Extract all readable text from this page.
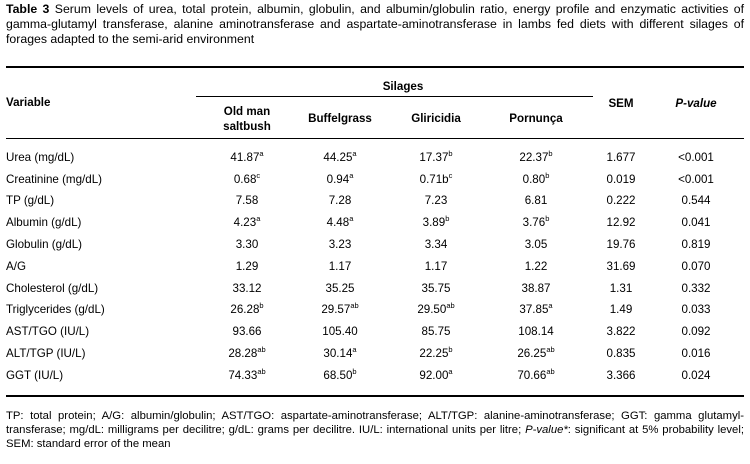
Table 3 Serum levels of urea, total protein, albumin, globulin, and albumin/globulin ratio, energy profile and enzymatic activities of gamma-glutamyl transferase, alanine aminotransferase and aspartate-aminotransferase in lambs fed diets with different silages of forages adapted to the semi-arid environment
Silages
Variable
Old man
saltbush
Buffelgrass	Gliricidia	Pornunça
SEM	P-value
Urea (mg/dL)	41.87$^a$	44.25$^a$	17.37$^b$	22.37$^b$	1.677	<0.001
Creatinine (mg/dL)	0.68$^c$	0.94$^a$	$0.71b^c$	0.80$^b$	0.019	<0.001
TP (g/dL)	7.58	7.28	7.23	6.81	0.222	0.544
Albumin (g/dL)	4.23$^a$	4.48$^a$	3.89$^b$	3.76$^b$	12.92	0.041
Globulin (g/dL)	3.30	3.23	3.34	3.05	19.76	0.819
A/G	1.29	1.17	1.17	1.22	31.69	0.070
Cholesterol (g/dL)	33.12	35.25	35.75	38.87	1.31	0.332
Triglycerides (g/dL)	26.28$^b$	29.57$^{ab}$	29.50$^{ab}$	37.85$^a$	1.49	0.033
AST/TGO (IU/L)	93.66	105.40	85.75	108.14	3.822	0.092
ALT/TGP (IU/L)	28.28$^{ab}$	30.14$^a$	22.25$^b$	26.25$^{ab}$	0.835	0.016
GGT (IU/L)	74.33$^{ab}$	68.50$^b$	92.00$^a$	70.66$^{ab}$	3.366	0.024
TP: total protein; A/G: albumin/globulin; AST/TGO: aspartate-aminotransferase; ALT/TGP: alanine-aminotransferase; GGT: gamma glutamyl-transferase; mg/dL: milligrams per decilitre; g/dL: grams per decilitre. IU/L: international units per litre; P-value*: significant at 5% probability level; SEM: standard error of the mean
